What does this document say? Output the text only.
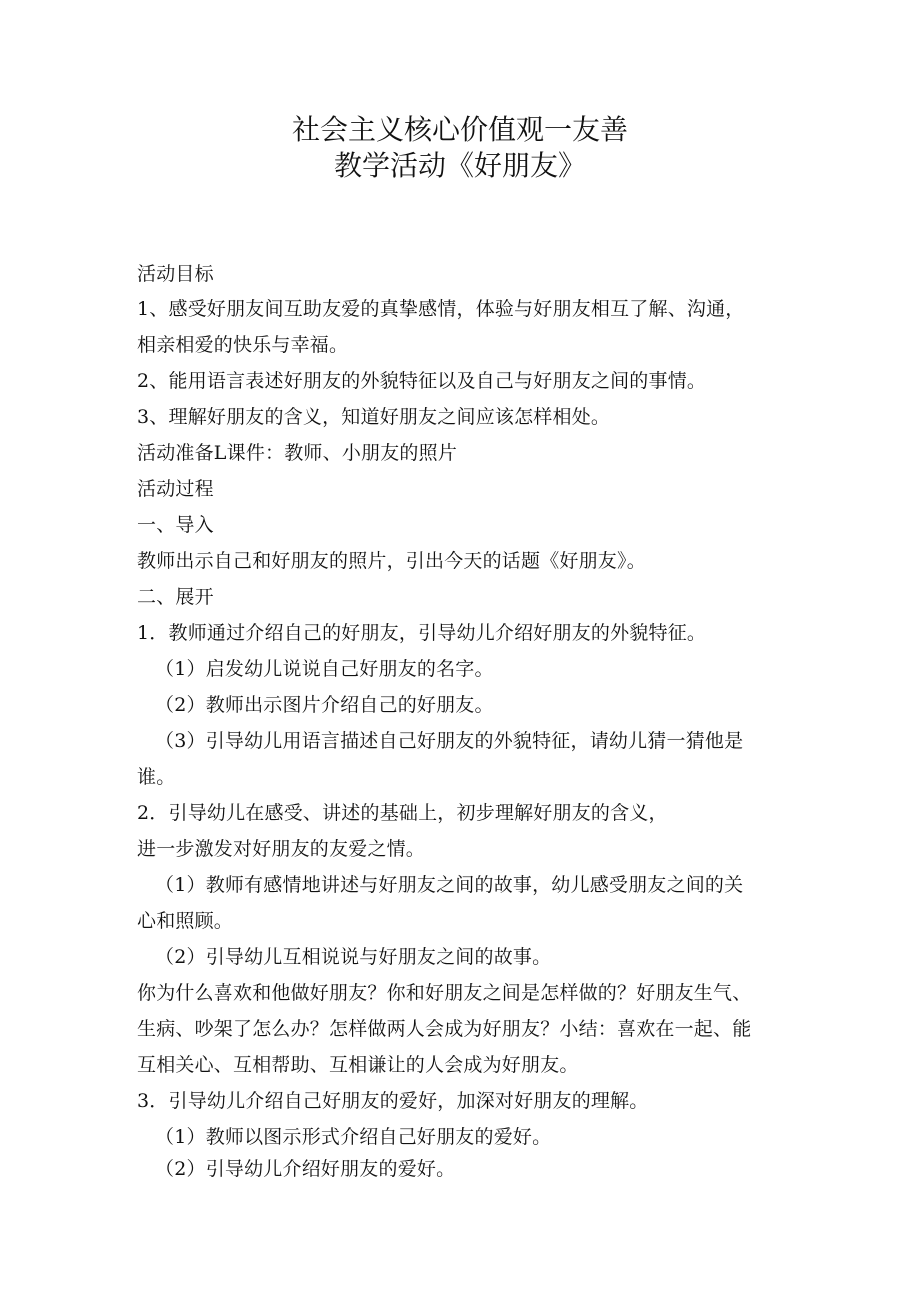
社会主义核心价值观一友善
教学活动《好朋友》
活动目标
1、感受好朋友间互助友爱的真挚感情，体验与好朋友相互了解、沟通，
相亲相爱的快乐与幸福。
2、能用语言表述好朋友的外貌特征以及自己与好朋友之间的事情。
3、理解好朋友的含义，知道好朋友之间应该怎样相处。
活动准备L课件：教师、小朋友的照片
活动过程
一、导入
教师出示自己和好朋友的照片，引出今天的话题《好朋友》。
二、展开
1．教师通过介绍自己的好朋友，引导幼儿介绍好朋友的外貌特征。
（1）启发幼儿说说自己好朋友的名字。
（2）教师出示图片介绍自己的好朋友。
（3）引导幼儿用语言描述自己好朋友的外貌特征，请幼儿猜一猜他是
谁。
2．引导幼儿在感受、讲述的基础上，初步理解好朋友的含义，
进一步激发对好朋友的友爱之情。
（1）教师有感情地讲述与好朋友之间的故事，幼儿感受朋友之间的关
心和照顾。
（2）引导幼儿互相说说与好朋友之间的故事。
你为什么喜欢和他做好朋友？你和好朋友之间是怎样做的？好朋友生气、
生病、吵架了怎么办？怎样做两人会成为好朋友？小结：喜欢在一起、能
互相关心、互相帮助、互相谦让的人会成为好朋友。
3．引导幼儿介绍自己好朋友的爱好，加深对好朋友的理解。
（1）教师以图示形式介绍自己好朋友的爱好。
（2）引导幼儿介绍好朋友的爱好。
